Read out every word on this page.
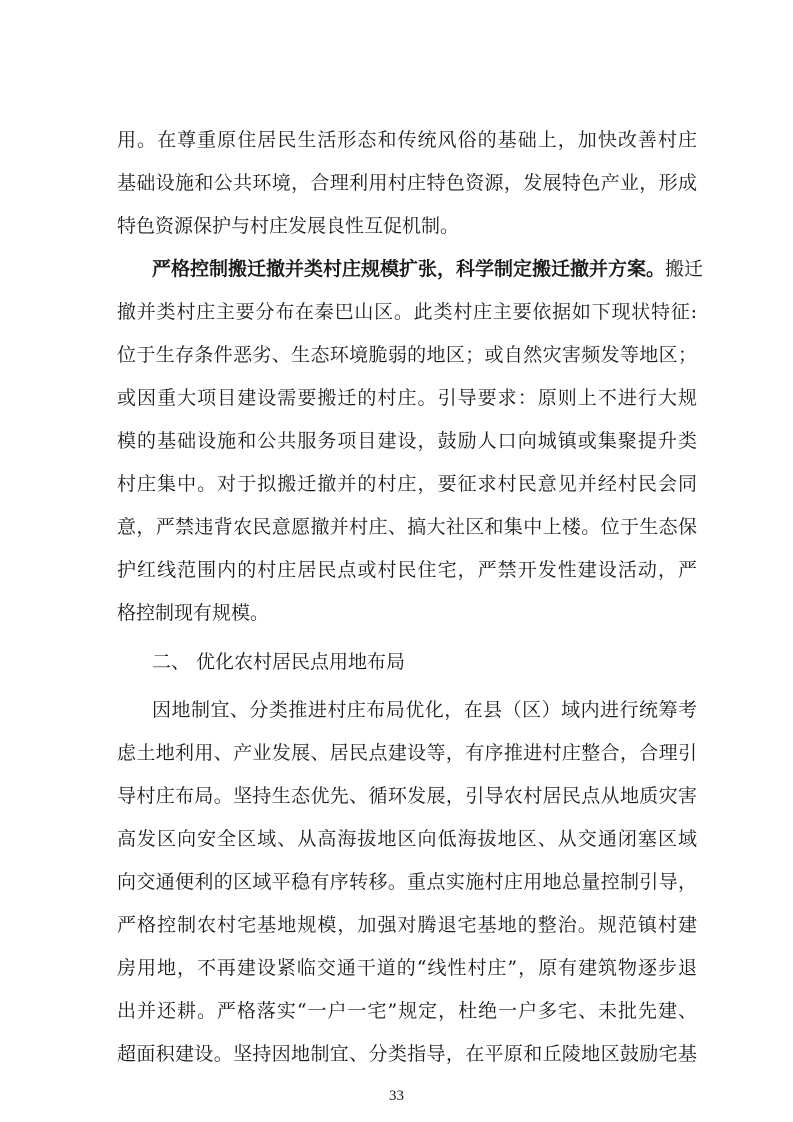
用。在尊重原住居民生活形态和传统风俗的基础上，加快改善村庄
基础设施和公共环境，合理利用村庄特色资源，发展特色产业，形成
特色资源保护与村庄发展良性互促机制。
严格控制搬迁撤并类村庄规模扩张，科学制定搬迁撤并方案。搬迁
撤并类村庄主要分布在秦巴山区。此类村庄主要依据如下现状特征:
位于生存条件恶劣、生态环境脆弱的地区；或自然灾害频发等地区；
或因重大项目建设需要搬迁的村庄。引导要求：原则上不进行大规
模的基础设施和公共服务项目建设，鼓励人口向城镇或集聚提升类
村庄集中。对于拟搬迁撤并的村庄，要征求村民意见并经村民会同
意，严禁违背农民意愿撤并村庄、搞大社区和集中上楼。位于生态保
护红线范围内的村庄居民点或村民住宅，严禁开发性建设活动，严
格控制现有规模。
二、 优化农村居民点用地布局
因地制宜、分类推进村庄布局优化，在县（区）域内进行统筹考
虑土地利用、产业发展、居民点建设等，有序推进村庄整合，合理引
导村庄布局。坚持生态优先、循环发展，引导农村居民点从地质灾害
高发区向安全区域、从高海拔地区向低海拔地区、从交通闭塞区域
向交通便利的区域平稳有序转移。重点实施村庄用地总量控制引导，
严格控制农村宅基地规模，加强对腾退宅基地的整治。规范镇村建
房用地，不再建设紧临交通干道的“线性村庄”，原有建筑物逐步退
出并还耕。严格落实“一户一宅”规定，杜绝一户多宅、未批先建、
超面积建设。坚持因地制宜、分类指导，在平原和丘陵地区鼓励宅基
33
